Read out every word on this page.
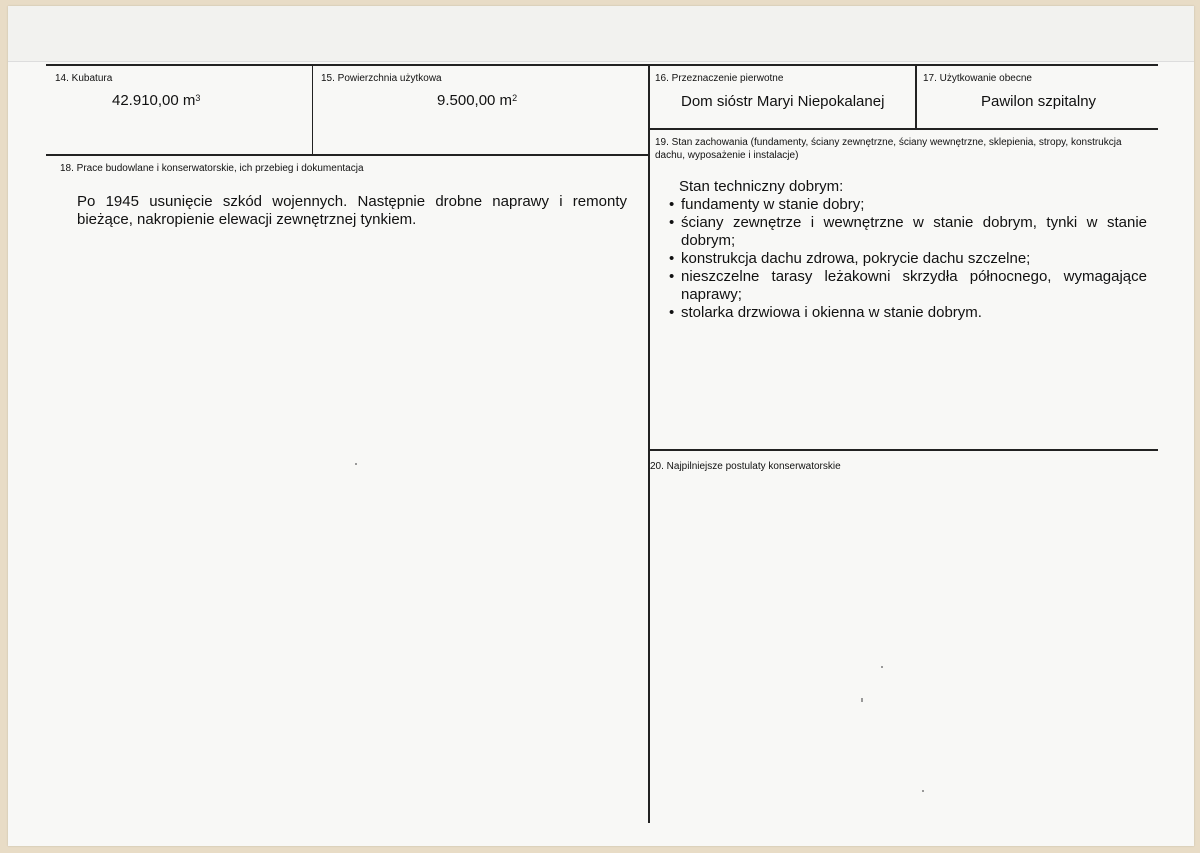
14. Kubatura
42.910,00 $m^3$
15. Powierzchnia użytkowa
9.500,00 $m^2$
16. Przeznaczenie pierwotne
Dom sióstr Maryi Niepokalanej
17. Użytkowanie obecne
Pawilon szpitalny
18. Prace budowlane i konserwatorskie, ich przebieg i dokumentacja
Po 1945 usunięcie szkód wojennych. Następnie drobne naprawy i remonty bieżące, nakropienie elewacji zewnętrznej tynkiem.
19. Stan zachowania (fundamenty, ściany zewnętrzne, ściany wewnętrzne, sklepienia, stropy, konstrukcja dachu, wyposażenie i instalacje)
Stan techniczny dobrym:
• fundamenty w stanie dobry;
• ściany zewnętrze i wewnętrzne w stanie dobrym, tynki w stanie dobrym;
• konstrukcja dachu zdrowa, pokrycie dachu szczelne;
• nieszczelne tarasy leżakowni skrzydła północnego, wymagające naprawy;
• stolarka drzwiowa i okienna w stanie dobrym.
20. Najpilniejsze postulaty konserwatorskie
